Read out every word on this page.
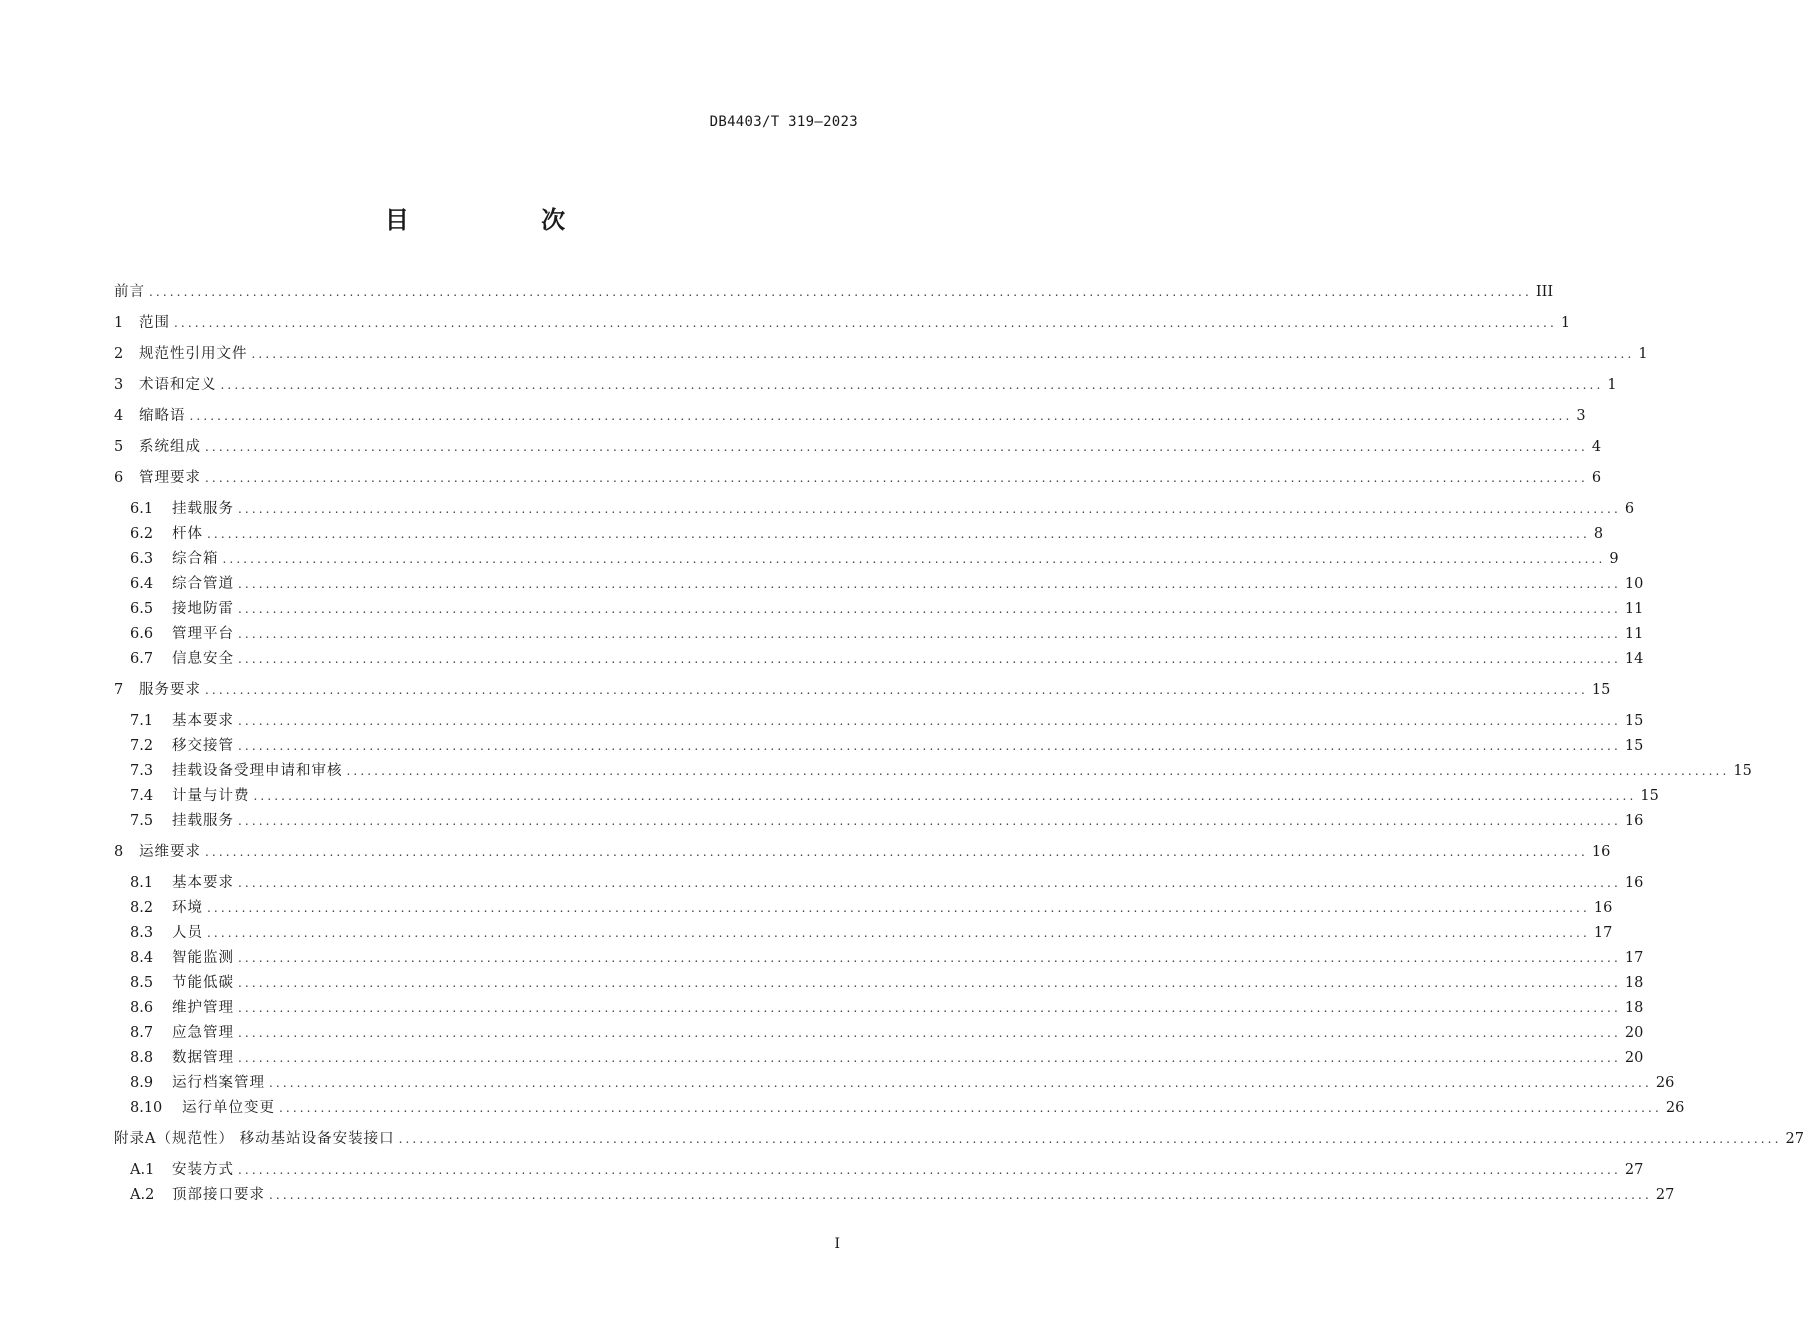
DB4403/T 319—2023
目 次
前言 ........................................................................................................................................................................................................ III
1	范围 ........................................................................................................................................................................................................ 1
2	规范性引用文件 ........................................................................................................................................................................................................ 1
3	术语和定义 ........................................................................................................................................................................................................ 1
4	缩略语 ........................................................................................................................................................................................................ 3
5	系统组成 ........................................................................................................................................................................................................ 4
6	管理要求 ........................................................................................................................................................................................................ 6
6.1	挂载服务 ........................................................................................................................................................................................................ 6
6.2	杆体 ........................................................................................................................................................................................................ 8
6.3	综合箱 ........................................................................................................................................................................................................ 9
6.4	综合管道 ........................................................................................................................................................................................................ 10
6.5	接地防雷 ........................................................................................................................................................................................................ 11
6.6	管理平台 ........................................................................................................................................................................................................ 11
6.7	信息安全 ........................................................................................................................................................................................................ 14
7	服务要求 ........................................................................................................................................................................................................ 15
7.1	基本要求 ........................................................................................................................................................................................................ 15
7.2	移交接管 ........................................................................................................................................................................................................ 15
7.3	挂载设备受理申请和审核 ........................................................................................................................................................................................................ 15
7.4	计量与计费 ........................................................................................................................................................................................................ 15
7.5	挂载服务 ........................................................................................................................................................................................................ 16
8	运维要求 ........................................................................................................................................................................................................ 16
8.1	基本要求 ........................................................................................................................................................................................................ 16
8.2	环境 ........................................................................................................................................................................................................ 16
8.3	人员 ........................................................................................................................................................................................................ 17
8.4	智能监测 ........................................................................................................................................................................................................ 17
8.5	节能低碳 ........................................................................................................................................................................................................ 18
8.6	维护管理 ........................................................................................................................................................................................................ 18
8.7	应急管理 ........................................................................................................................................................................................................ 20
8.8	数据管理 ........................................................................................................................................................................................................ 20
8.9	运行档案管理 ........................................................................................................................................................................................................ 26
8.10	运行单位变更 ........................................................................................................................................................................................................ 26
附录A（规范性） 移动基站设备安装接口 ........................................................................................................................................................................................................ 27
A.1	安装方式 ........................................................................................................................................................................................................ 27
A.2	顶部接口要求 ........................................................................................................................................................................................................ 27
I
